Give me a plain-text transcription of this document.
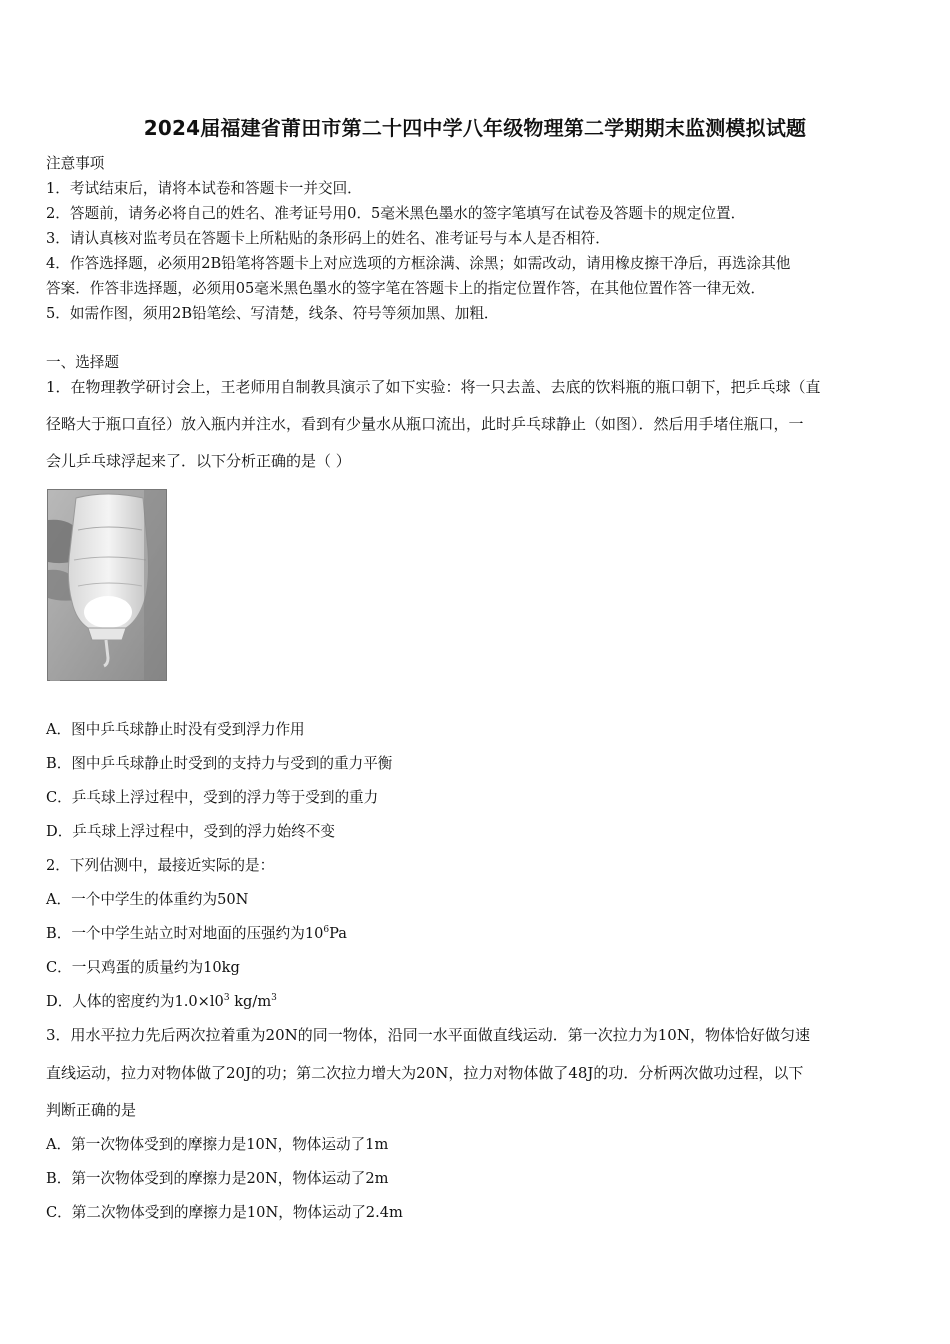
2024届福建省莆田市第二十四中学八年级物理第二学期期末监测模拟试题
注意事项
1．考试结束后，请将本试卷和答题卡一并交回．
2．答题前，请务必将自己的姓名、准考证号用0．5毫米黑色墨水的签字笔填写在试卷及答题卡的规定位置．
3．请认真核对监考员在答题卡上所粘贴的条形码上的姓名、准考证号与本人是否相符．
4．作答选择题，必须用2B铅笔将答题卡上对应选项的方框涂满、涂黑；如需改动，请用橡皮擦干净后，再选涂其他
答案．作答非选择题，必须用05毫米黑色墨水的签字笔在答题卡上的指定位置作答，在其他位置作答一律无效．
5．如需作图，须用2B铅笔绘、写清楚，线条、符号等须加黑、加粗．
一、选择题
1．在物理教学研讨会上，王老师用自制教具演示了如下实验：将一只去盖、去底的饮料瓶的瓶口朝下，把乒乓球（直
径略大于瓶口直径）放入瓶内并注水，看到有少量水从瓶口流出，此时乒乓球静止（如图）．然后用手堵住瓶口，一
会儿乒乓球浮起来了．以下分析正确的是（ ）
A．图中乒乓球静止时没有受到浮力作用
B．图中乒乓球静止时受到的支持力与受到的重力平衡
C．乒乓球上浮过程中，受到的浮力等于受到的重力
D．乒乓球上浮过程中，受到的浮力始终不变
2．下列估测中，最接近实际的是：
A．一个中学生的体重约为50N
B．一个中学生站立时对地面的压强约为$10^6Pa$
C．一只鸡蛋的质量约为10kg
D．人体的密度约为$1.0\times l0^3$ $kg/m^3$
3．用水平拉力先后两次拉着重为20N的同一物体，沿同一水平面做直线运动．第一次拉力为10N，物体恰好做匀速
直线运动，拉力对物体做了20J的功；第二次拉力增大为20N，拉力对物体做了48J的功．分析两次做功过程，以下
判断正确的是
A．第一次物体受到的摩擦力是10N，物体运动了1m
B．第一次物体受到的摩擦力是20N，物体运动了2m
C．第二次物体受到的摩擦力是10N，物体运动了2.4m
